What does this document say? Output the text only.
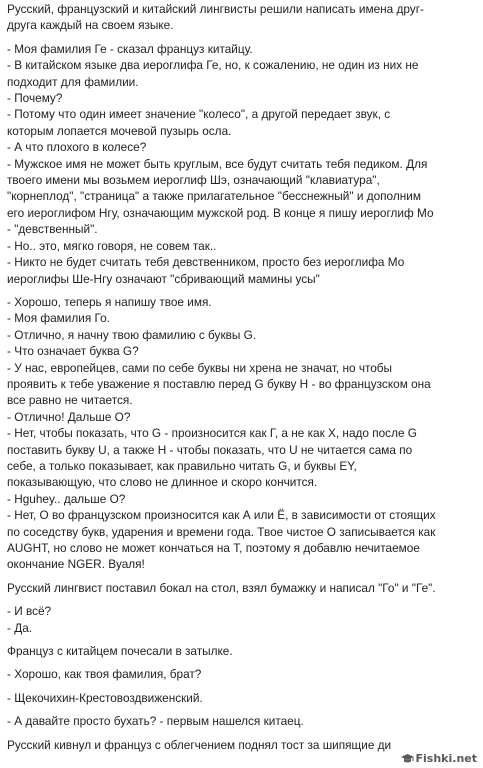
Русский, французский и китайский лингвисты решили написать имена друг-
друга каждый на своем языке.

- Моя фамилия Ге - сказал француз китайцу.
- В китайском языке два иероглифа Ге, но, к сожалению, не один из них не
подходит для фамилии.
- Почему?
- Потому что один имеет значение "колесо", а другой передает звук, с
которым лопается мочевой пузырь осла.
- А что плохого в колесе?
- Мужское имя не может быть круглым, все будут считать тебя педиком. Для
твоего имени мы возьмем иероглиф Шэ, означающий "клавиатура",
"корнеплод", "страница" а также прилагательное "бесснежный" и дополним
его иероглифом Нгу, означающим мужской род. В конце я пишу иероглиф Мо
- "девственный".
- Но.. это, мягко говоря, не совем так..
- Никто не будет считать тебя девственником, просто без иероглифа Мо
иероглифы Ше-Нгу означают "сбривающий мамины усы"

- Хорошо, теперь я напишу твое имя.
- Моя фамилия Го.
- Отлично, я начну твою фамилию с буквы G.
- Что означает буква G?
- У нас, европейцев, сами по себе буквы ни хрена не значат, но чтобы
проявить к тебе уважение я поставлю перед G букву H - во французском она
все равно не читается.
- Отлично! Дальше О?
- Нет, чтобы показать, что G - произносится как Г, а не как Х, надо после G
поставить букву U, а также Н - чтобы показать, что U не читается сама по
себе, а только показывает, как правильно читать G, и буквы EY,
показывающую, что слово не длинное и скоро кончится.
- Hguhey.. дальше О?
- Нет, О во французском произносится как А или Ё, в зависимости от стоящих
по соседству букв, ударения и времени года. Твое чистое О записывается как
AUGHT, но слово не может кончаться на Т, поэтому я добавлю нечитаемое
окончание NGER. Вуаля!

Русский лингвист поставил бокал на стол, взял бумажку и написал "Го" и "Ге".

- И всё?
- Да.

Француз с китайцем почесали в затылке.

- Хорошо, как твоя фамилия, брат?

- Щекочихин-Крестовоздвиженский.

- А давайте просто бухать? - первым нашелся китаец.

Русский кивнул и француз с облегчением поднял тост за шипящие ди

Fishki.net
